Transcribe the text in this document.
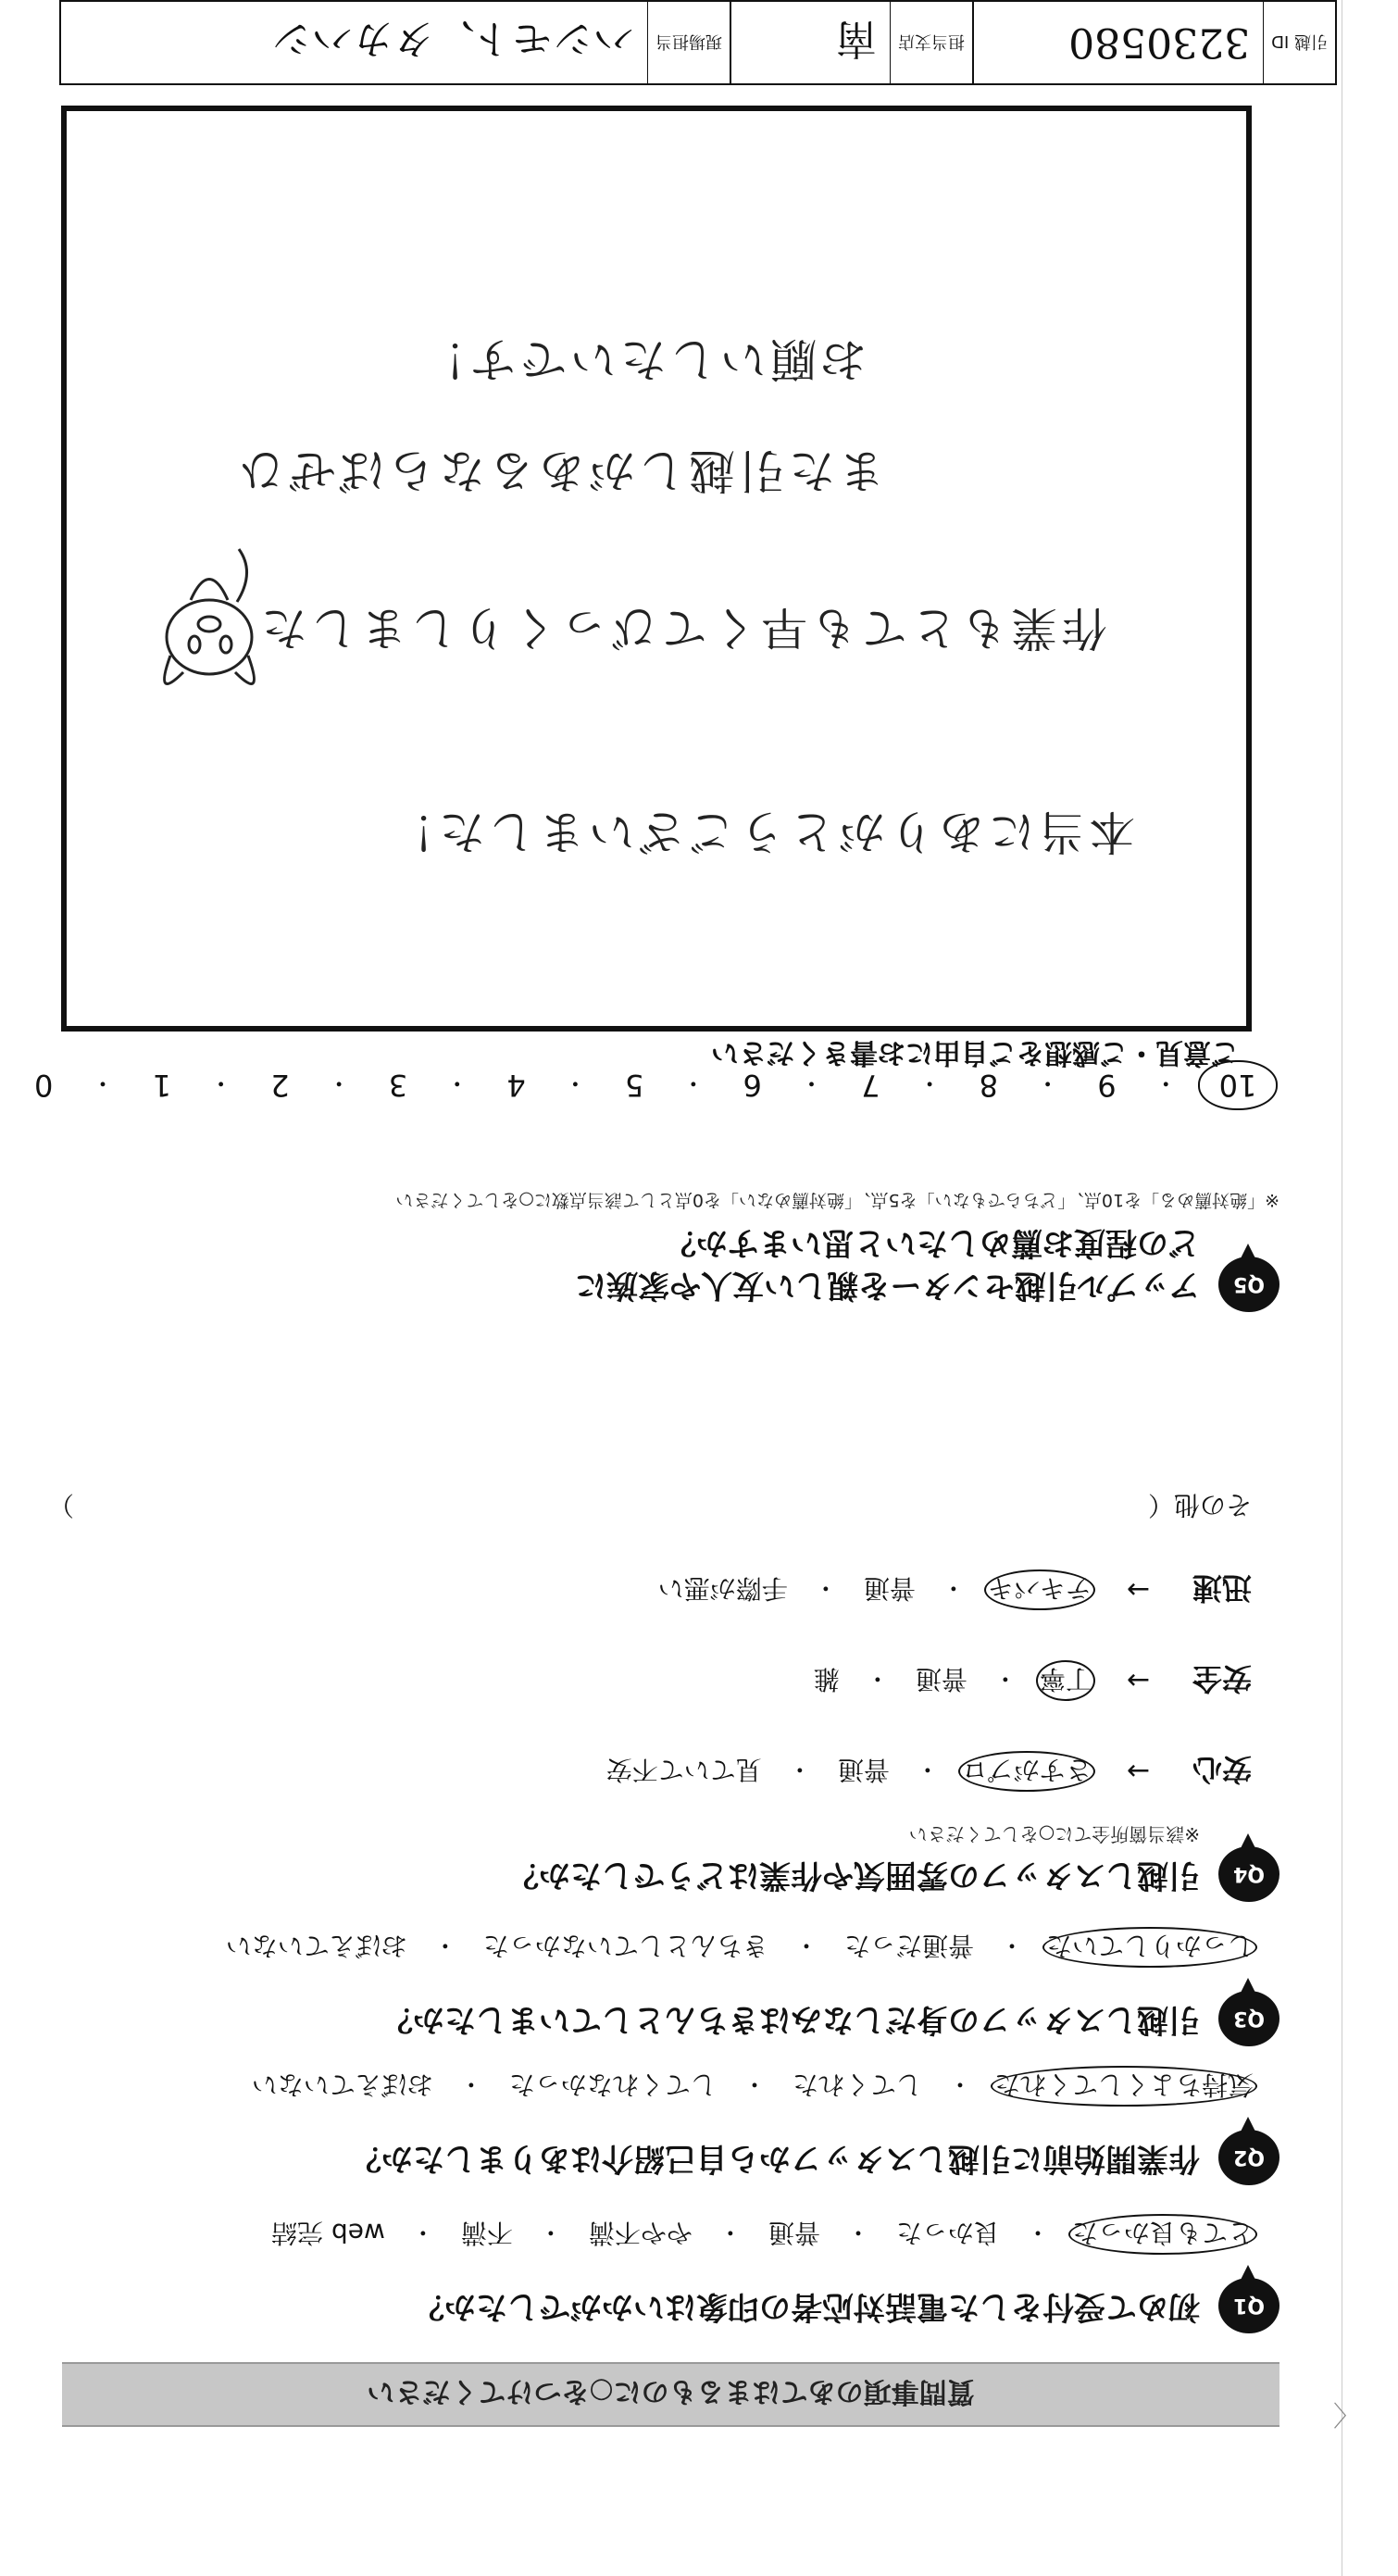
〈
質問事項のあてはまるものに○をつけてください
Q1
初めて受付をした電話対応者の印象はいかがでしたか？
とても良かった
・
良かった
・
普通
・
やや不満
・
不満
・
web 完結
Q2
作業開始前に引越しスタッフから自己紹介はありましたか？
気持ちよくしてくれた
・
してくれた
・
してくれなかった
・
おぼえていない
Q3
引越しスタッフの身だしなみはきちんとしていましたか？
しっかりしていた
・
普通だった
・
きちんとしていなかった
・
おぼえていない
Q4
引越しスタッフの雰囲気や作業はどうでしたか？
※該当箇所全てに○をしてください
安心
→
さすがプロ
・
普通
・
見ていて不安
安全
→
丁寧
・
普通
・
雑
迅速
→
テキパキ
・
普通
・
手際が悪い
その他（
）
Q5
アップル引越センターを親しい友人や家族に
どの程度お薦めしたいと思いますか？
※「絶対薦める」を10点、「どちらでもない」を5点、「絶対薦めない」を0点として該当点数に○をしてください
10
・
9
・
8
・
7
・
6
・
5
・
4
・
3
・
2
・
1
・
0
ご意見・ご感想をご自由にお書きください
本当にありがとうございました！
作業もとても早くてびっくりしました
また引越しがあるならばぜひ
お願いしたいです！
引越 ID
3230580
担当支店
南
現場担当
ハシモト、タカハシ
